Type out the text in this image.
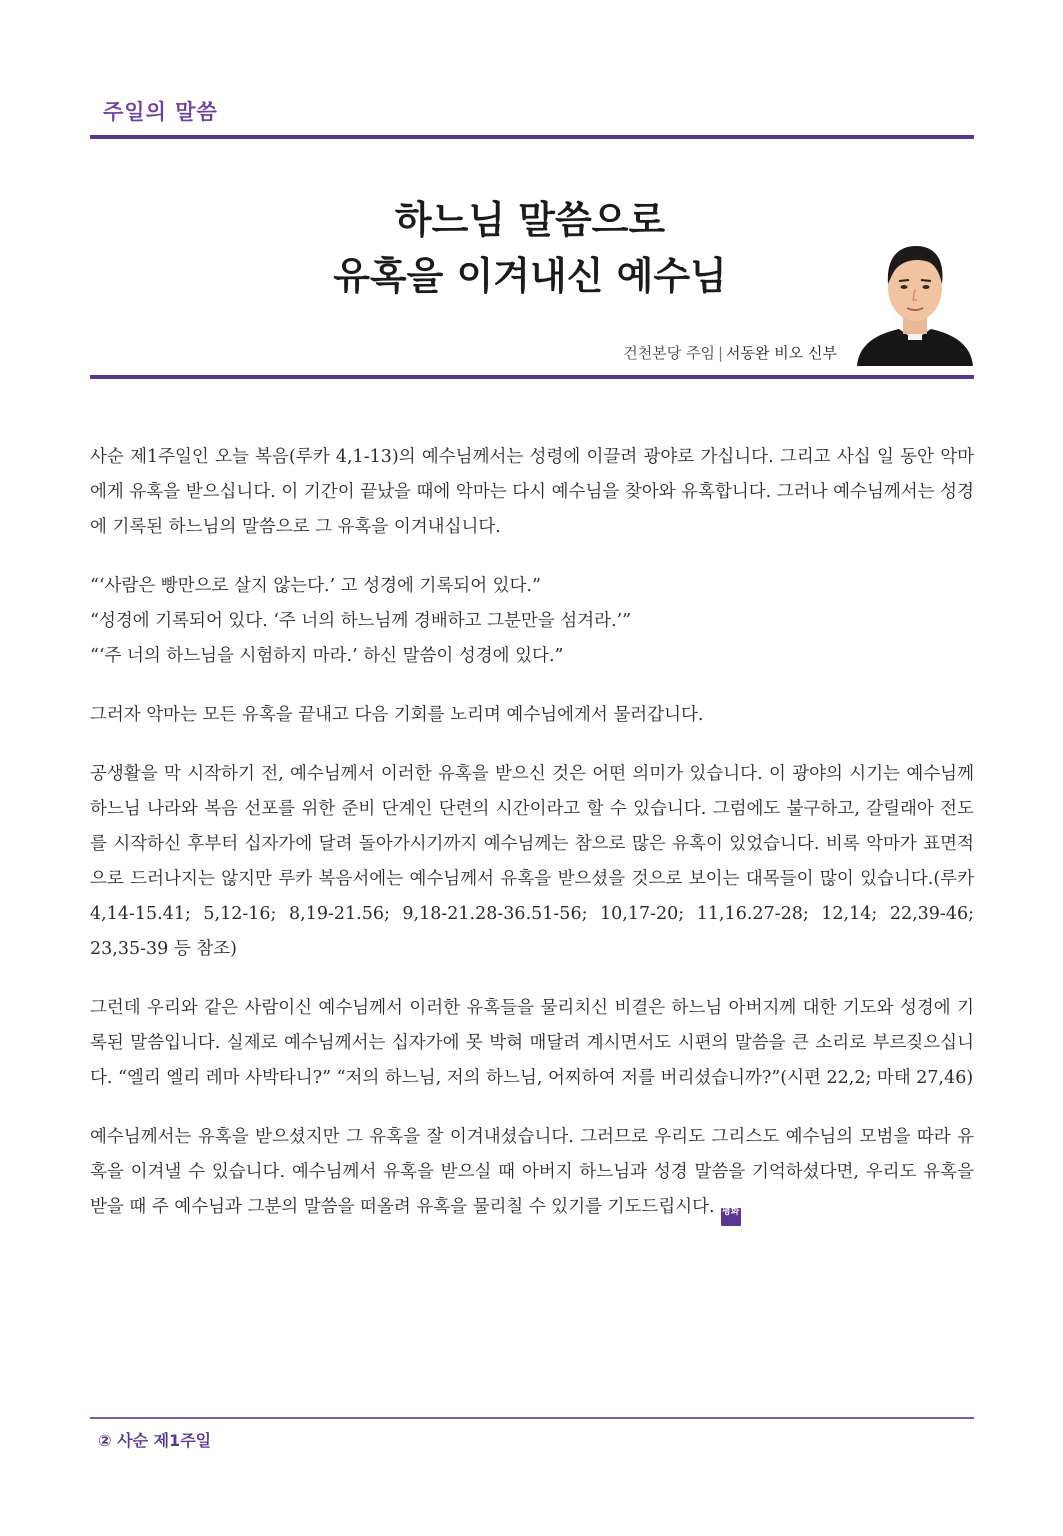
주일의 말씀
하느님 말씀으로
유혹을 이겨내신 예수님
건천본당 주임 | 서동완 비오 신부

사순 제1주일인 오늘 복음(루카 4,1-13)의 예수님께서는 성령에 이끌려 광야로 가십니다. 그리고 사십 일 동안 악마에게 유혹을 받으십니다. 이 기간이 끝났을 때에 악마는 다시 예수님을 찾아와 유혹합니다. 그러나 예수님께서는 성경에 기록된 하느님의 말씀으로 그 유혹을 이겨내십니다.

“‘사람은 빵만으로 살지 않는다.’ 고 성경에 기록되어 있다.”

“성경에 기록되어 있다. ‘주 너의 하느님께 경배하고 그분만을 섬겨라.’”

“‘주 너의 하느님을 시험하지 마라.’ 하신 말씀이 성경에 있다.”

그러자 악마는 모든 유혹을 끝내고 다음 기회를 노리며 예수님에게서 물러갑니다.

공생활을 막 시작하기 전, 예수님께서 이러한 유혹을 받으신 것은 어떤 의미가 있습니다. 이 광야의 시기는 예수님께 하느님 나라와 복음 선포를 위한 준비 단계인 단련의 시간이라고 할 수 있습니다. 그럼에도 불구하고, 갈릴래아 전도를 시작하신 후부터 십자가에 달려 돌아가시기까지 예수님께는 참으로 많은 유혹이 있었습니다. 비록 악마가 표면적으로 드러나지는 않지만 루카 복음서에는 예수님께서 유혹을 받으셨을 것으로 보이는 대목들이 많이 있습니다.(루카 4,14-15.41; 5,12-16; 8,19-21.56; 9,18-21.28-36.51-56; 10,17-20; 11,16.27-28; 12,14; 22,39-46; 23,35-39 등 참조)

그런데 우리와 같은 사람이신 예수님께서 이러한 유혹들을 물리치신 비결은 하느님 아버지께 대한 기도와 성경에 기록된 말씀입니다. 실제로 예수님께서는 십자가에 못 박혀 매달려 계시면서도 시편의 말씀을 큰 소리로 부르짖으십니다. “엘리 엘리 레마 사박타니?” “저의 하느님, 저의 하느님, 어찌하여 저를 버리셨습니까?”(시편 22,2; 마태 27,46)

예수님께서는 유혹을 받으셨지만 그 유혹을 잘 이겨내셨습니다. 그러므로 우리도 그리스도 예수님의 모범을 따라 유혹을 이겨낼 수 있습니다. 예수님께서 유혹을 받으실 때 아버지 하느님과 성경 말씀을 기억하셨다면, 우리도 유혹을 받을 때 주 예수님과 그분의 말씀을 떠올려 유혹을 물리칠 수 있기를 기도드립시다. 평화

② 사순 제1주일
